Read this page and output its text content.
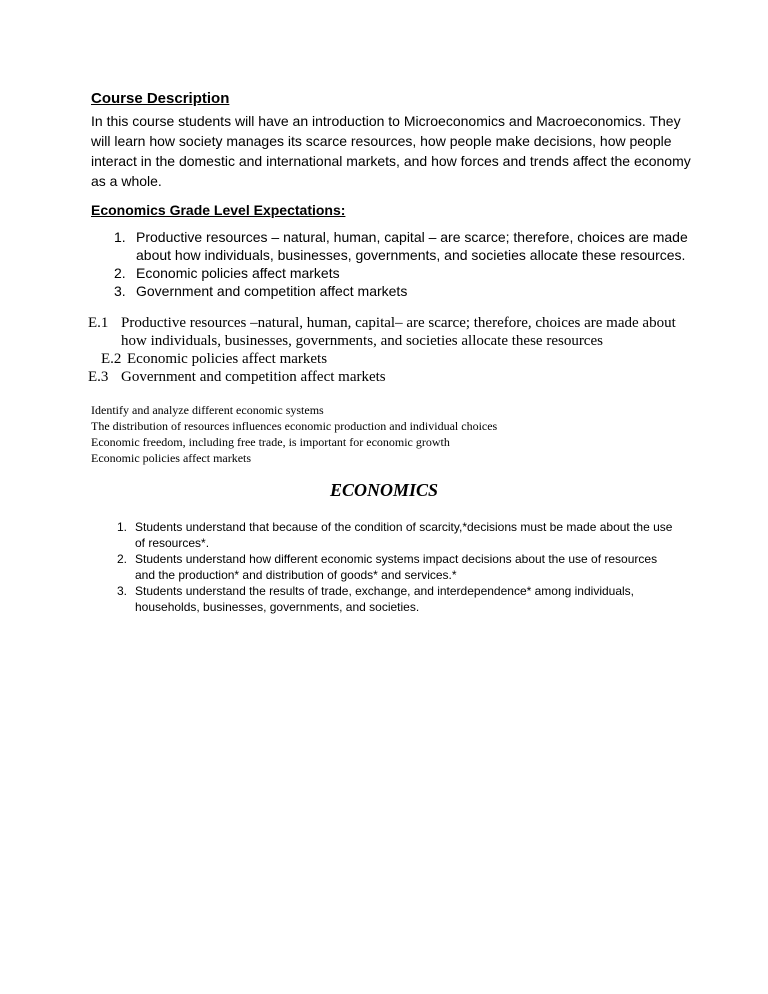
Course Description
In this course students will have an introduction to Microeconomics and Macroeconomics. They will learn how society manages its scarce resources, how people make decisions, how people interact in the domestic and international markets, and how forces and trends affect the economy as a whole.
Economics Grade Level Expectations:
1. Productive resources – natural, human, capital – are scarce; therefore, choices are made about how individuals, businesses, governments, and societies allocate these resources.
2. Economic policies affect markets
3. Government and competition affect markets
E.1 Productive resources –natural, human, capital– are scarce; therefore, choices are made about how individuals, businesses, governments, and societies allocate these resources
E.2 Economic policies affect markets
E.3 Government and competition affect markets
Identify and analyze different economic systems
The distribution of resources influences economic production and individual choices
Economic freedom, including free trade, is important for economic growth
Economic policies affect markets
ECONOMICS
1. Students understand that because of the condition of scarcity,*decisions must be made about the use of resources*.
2. Students understand how different economic systems impact decisions about the use of resources and the production* and distribution of goods* and services.*
3. Students understand the results of trade, exchange, and interdependence* among individuals, households, businesses, governments, and societies.
